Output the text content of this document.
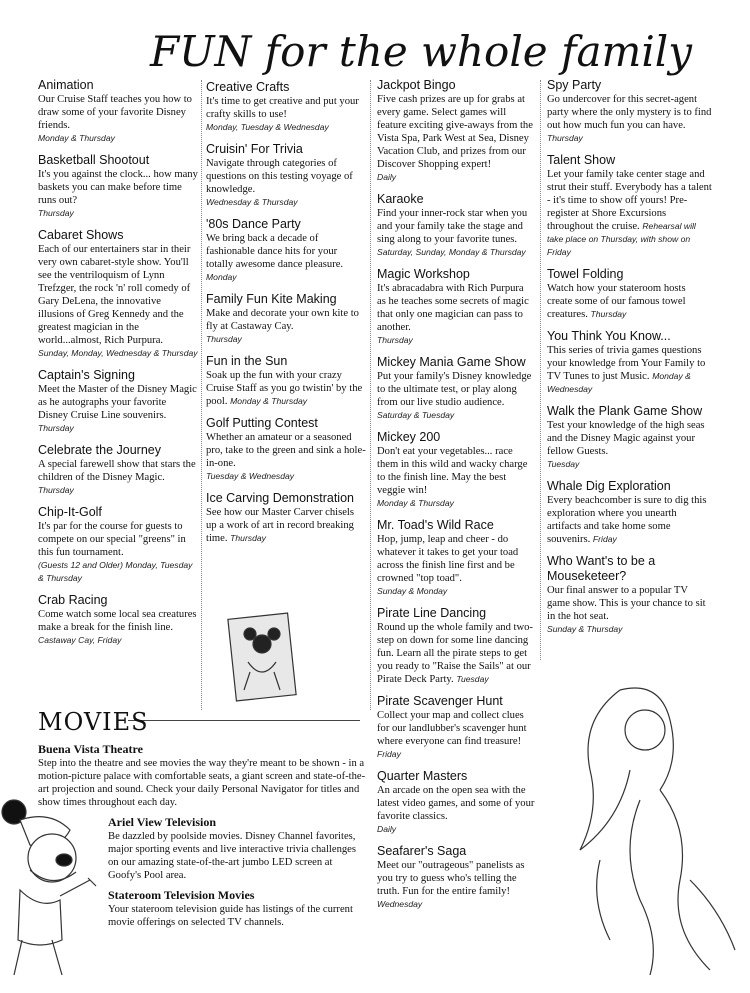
FUN for the whole family

Animation

Our Cruise Staff teaches you how to draw some of your favorite Disney friends.
Monday & Thursday

Basketball Shootout

It's you against the clock... how many baskets you can make before time runs out?
Thursday

Cabaret Shows

Each of our entertainers star in their very own cabaret-style show. You'll see the ventriloquism of Lynn Trefzger, the rock 'n' roll comedy of Gary DeLena, the innovative illusions of Greg Kennedy and the greatest magician in the world...almost, Rich Purpura.
Sunday, Monday, Wednesday & Thursday

Captain's Signing

Meet the Master of the Disney Magic as he autographs your favorite Disney Cruise Line souvenirs. Thursday

Celebrate the Journey

A special farewell show that stars the children of the Disney Magic. Thursday

Chip-It-Golf

It's par for the course for guests to compete on our special "greens" in this fun tournament.
(Guests 12 and Older) Monday, Tuesday & Thursday

Crab Racing

Come watch some local sea creatures make a break for the finish line. Castaway Cay, Friday

Creative Crafts

It's time to get creative and put your crafty skills to use!
Monday, Tuesday & Wednesday

Cruisin' For Trivia

Navigate through categories of questions on this testing voyage of knowledge.
Wednesday & Thursday

'80s Dance Party

We bring back a decade of fashionable dance hits for your totally awesome dance pleasure.
Monday

Family Fun Kite Making

Make and decorate your own kite to fly at Castaway Cay.
Thursday

Fun in the Sun

Soak up the fun with your crazy Cruise Staff as you go twistin' by the pool. Monday & Thursday

Golf Putting Contest

Whether an amateur or a seasoned pro, take to the green and sink a hole-in-one.
Tuesday & Wednesday

Ice Carving Demonstration

See how our Master Carver chisels up a work of art in record breaking time. Thursday

Jackpot Bingo

Five cash prizes are up for grabs at every game. Select games will feature exciting give-aways from the Vista Spa, Park West at Sea, Disney Vacation Club, and prizes from our Discover Shopping expert!
Daily

Karaoke

Find your inner-rock star when you and your family take the stage and sing along to your favorite tunes. Saturday, Sunday, Monday & Thursday

Magic Workshop

It's abracadabra with Rich Purpura as he teaches some secrets of magic that only one magician can pass to another.
Thursday

Mickey Mania Game Show

Put your family's Disney knowledge to the ultimate test, or play along from our live studio audience.
Saturday & Tuesday

Mickey 200

Don't eat your vegetables... race them in this wild and wacky charge to the finish line. May the best veggie win!
Monday & Thursday

Mr. Toad's Wild Race

Hop, jump, leap and cheer - do whatever it takes to get your toad across the finish line first and be crowned "top toad".
Sunday & Monday

Pirate Line Dancing

Round up the whole family and two-step on down for some line dancing fun. Learn all the pirate steps to get you ready to "Raise the Sails" at our Pirate Deck Party. Tuesday

Pirate Scavenger Hunt

Collect your map and collect clues for our landlubber's scavenger hunt where everyone can find treasure! Friday

Quarter Masters

An arcade on the open sea with the latest video games, and some of your favorite classics.
Daily

Seafarer's Saga

Meet our "outrageous" panelists as you try to guess who's telling the truth. Fun for the entire family! Wednesday

Spy Party

Go undercover for this secret-agent party where the only mystery is to find out how much fun you can have. Thursday

Talent Show

Let your family take center stage and strut their stuff. Everybody has a talent - it's time to show off yours! Pre-register at Shore Excursions throughout the cruise. Rehearsal will take place on Thursday, with show on Friday

Towel Folding

Watch how your stateroom hosts create some of our famous towel creatures. Thursday

You Think You Know...

This series of trivia games questions your knowledge from Your Family to TV Tunes to just Music. Monday & Wednesday

Walk the Plank Game Show

Test your knowledge of the high seas and the Disney Magic against your fellow Guests.
Tuesday

Whale Dig Exploration

Every beachcomber is sure to dig this exploration where you unearth artifacts and take home some souvenirs. Friday

Who Want's to be a Mouseketeer?

Our final answer to a popular TV game show. This is your chance to sit in the hot seat.
Sunday & Thursday

MOVIES

Buena Vista Theatre

Step into the theatre and see movies the way they're meant to be shown - in a motion-picture palace with comfortable seats, a giant screen and state-of-the-art projection and sound. Check your daily Personal Navigator for titles and show times throughout each day.

Ariel View Television

Be dazzled by poolside movies. Disney Channel favorites, major sporting events and live interactive trivia challenges on our amazing state-of-the-art jumbo LED screen at Goofy's Pool area.

Stateroom Television Movies

Your stateroom television guide has listings of the current movie offerings on selected TV channels.
